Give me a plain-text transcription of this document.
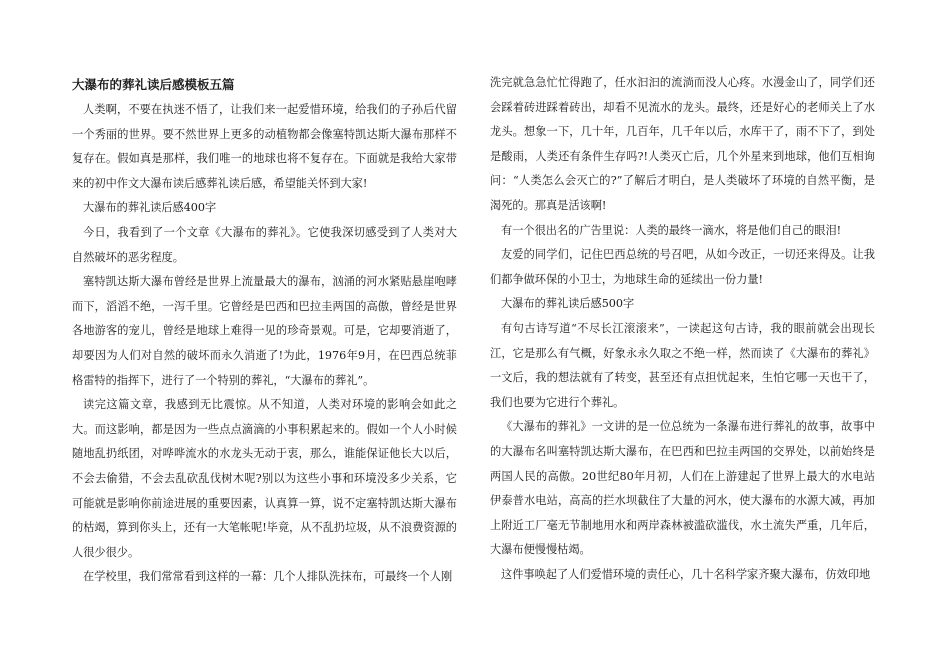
大瀑布的葬礼读后感模板五篇

人类啊，不要在执迷不悟了，让我们来一起爱惜环境，给我们的子孙后代留一个秀丽的世界。要不然世界上更多的动植物都会像塞特凯达斯大瀑布那样不复存在。假如真是那样，我们唯一的地球也将不复存在。下面就是我给大家带来的初中作文大瀑布读后感葬礼读后感，希望能关怀到大家!

大瀑布的葬礼读后感400字

今日，我看到了一个文章《大瀑布的葬礼》。它使我深切感受到了人类对大自然破坏的恶劣程度。

塞特凯达斯大瀑布曾经是世界上流量最大的瀑布，汹涌的河水紧贴悬崖咆哮而下，滔滔不绝，一泻千里。它曾经是巴西和巴拉圭两国的高傲，曾经是世界各地游客的宠儿，曾经是地球上难得一见的珍奇景观。可是，它却要消逝了，却要因为人们对自然的破坏而永久消逝了!为此，1976年9月，在巴西总统菲格雷特的指挥下，进行了一个特别的葬礼，“大瀑布的葬礼”。

读完这篇文章，我感到无比震惊。从不知道，人类对环境的影响会如此之大。而这影响，都是因为一些点点滴滴的小事积累起来的。假如一个人小时候随地乱扔纸团，对哗哗流水的水龙头无动于衷，那么，谁能保证他长大以后，不会去偷猎，不会去乱砍乱伐树木呢?别以为这些小事和环境没多少关系，它可能就是影响你前途进展的重要因素，认真算一算，说不定塞特凯达斯大瀑布的枯竭，算到你头上，还有一大笔帐呢!毕竟，从不乱扔垃圾，从不浪费资源的人很少很少。

在学校里，我们常常看到这样的一幕：几个人排队洗抹布，可最终一个人刚

洗完就急急忙忙得跑了，任水汩汩的流淌而没人心疼。水漫金山了，同学们还会踩着砖进踩着砖出，却看不见流水的龙头。最终，还是好心的老师关上了水龙头。想象一下，几十年，几百年，几千年以后，水库干了，雨不下了，到处是酸雨，人类还有条件生存吗?!人类灭亡后，几个外星来到地球，他们互相询问：“人类怎么会灭亡的?”了解后才明白，是人类破坏了环境的自然平衡，是渴死的。那真是活该啊!

有一个很出名的广告里说：人类的最终一滴水，将是他们自己的眼泪!

友爱的同学们，记住巴西总统的号召吧，从如今改正，一切还来得及。让我们都争做环保的小卫士，为地球生命的延续出一份力量!

大瀑布的葬礼读后感500字

有句古诗写道“不尽长江滚滚来”，一读起这句古诗，我的眼前就会出现长江，它是那么有气概，好象永永久取之不绝一样，然而读了《大瀑布的葬礼》一文后，我的想法就有了转变，甚至还有点担忧起来，生怕它哪一天也干了，我们也要为它进行个葬礼。

《大瀑布的葬礼》一文讲的是一位总统为一条瀑布进行葬礼的故事，故事中的大瀑布名叫塞特凯达斯大瀑布，在巴西和巴拉圭两国的交界处，以前始终是两国人民的高傲。20世纪80年月初，人们在上游建起了世界上最大的水电站伊泰普水电站，高高的拦水坝截住了大量的河水，使大瀑布的水源大减，再加上附近工厂毫无节制地用水和两岸森林被滥砍滥伐，水土流失严重，几年后，大瀑布便慢慢枯竭。

这件事唤起了人们爱惜环境的责任心，几十名科学家齐聚大瀑布，仿效印地
